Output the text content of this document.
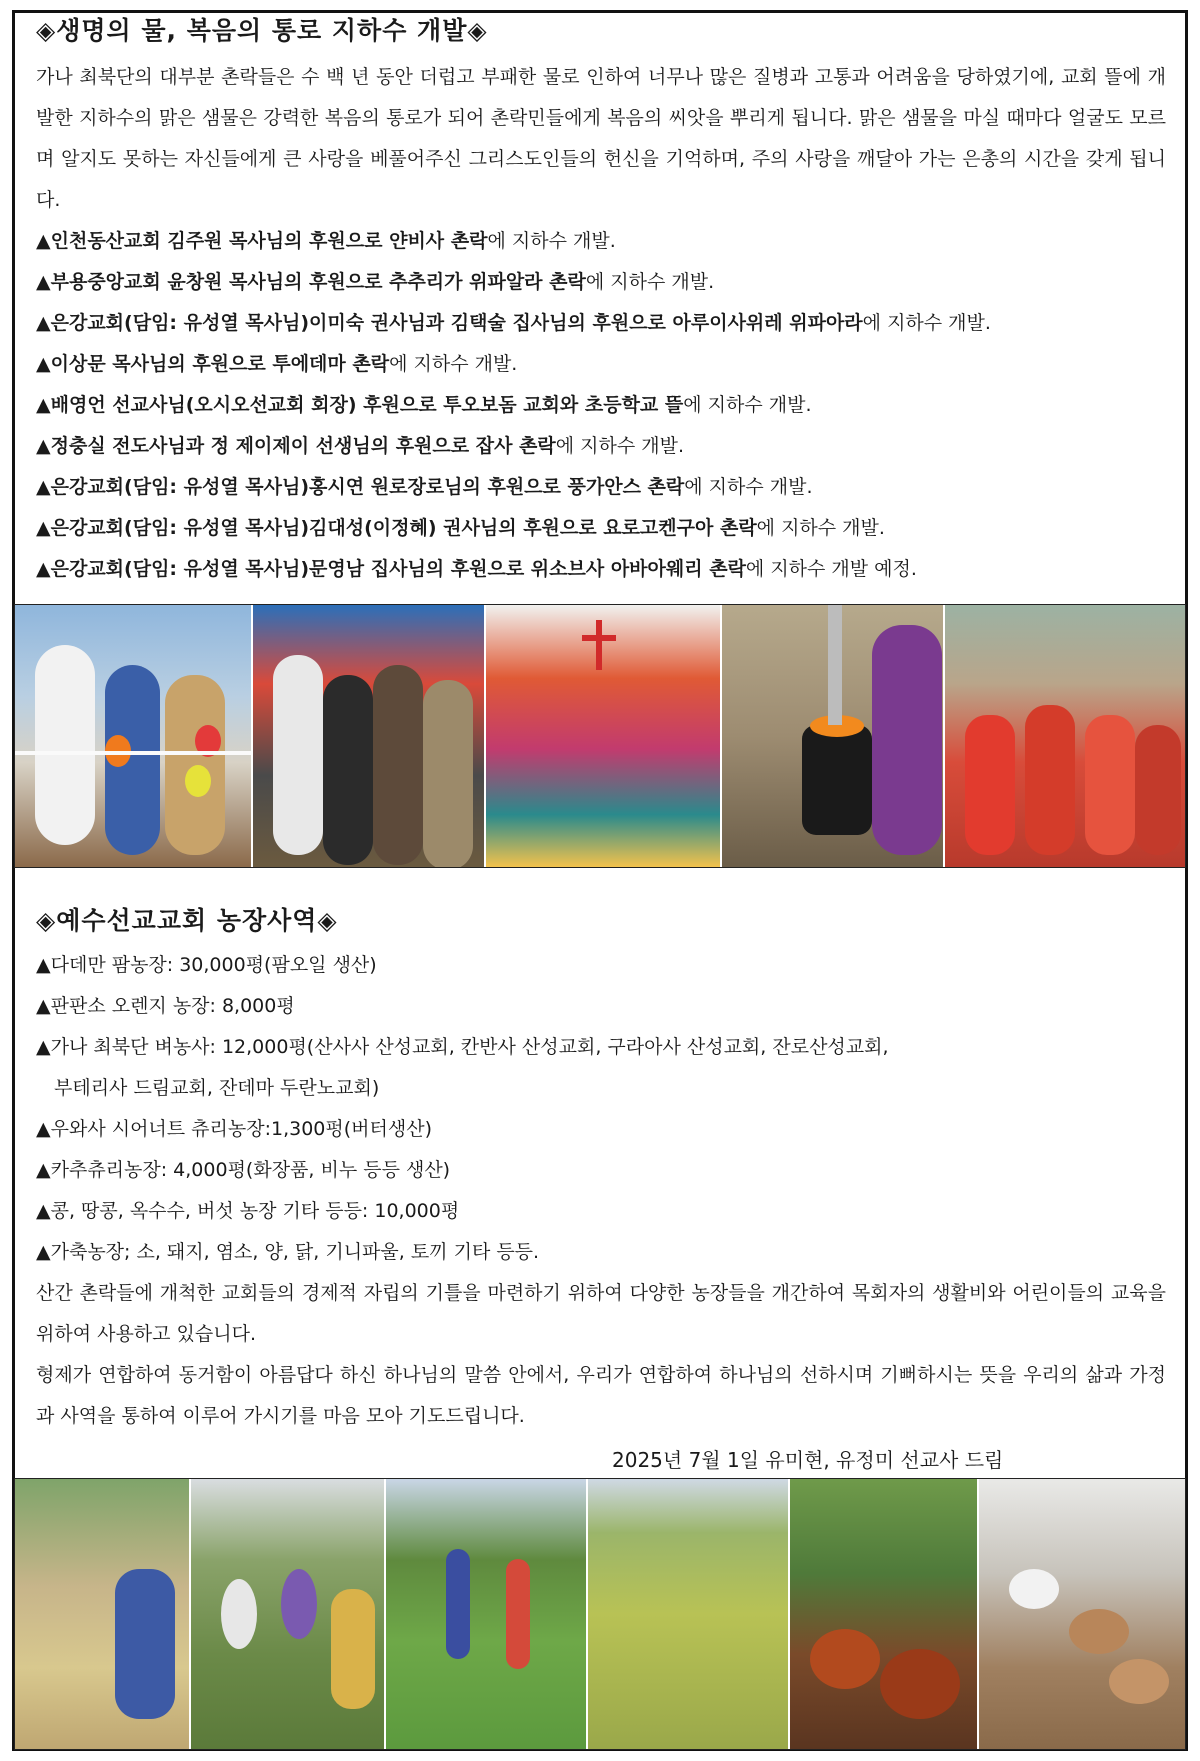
◈생명의 물, 복음의 통로 지하수 개발◈

가나 최북단의 대부분 촌락들은 수 백 년 동안 더럽고 부패한 물로 인하여 너무나 많은 질병과 고통과 어려움을 당하였기에, 교회 뜰에 개발한 지하수의 맑은 샘물은 강력한 복음의 통로가 되어 촌락민들에게 복음의 씨앗을 뿌리게 됩니다. 맑은 샘물을 마실 때마다 얼굴도 모르며 알지도 못하는 자신들에게 큰 사랑을 베풀어주신 그리스도인들의 헌신을 기억하며, 주의 사랑을 깨달아 가는 은총의 시간을 갖게 됩니다.

▲인천동산교회 김주원 목사님의 후원으로 얀비사 촌락에 지하수 개발.

▲부용중앙교회 윤창원 목사님의 후원으로 추추리가 위파알라 촌락에 지하수 개발.

▲은강교회(담임: 유성열 목사님)이미숙 권사님과 김택술 집사님의 후원으로 아루이사위레 위파아라에 지하수 개발.

▲이상문 목사님의 후원으로 투에데마 촌락에 지하수 개발.

▲배영언 선교사님(오시오선교회 회장) 후원으로 투오보돔 교회와 초등학교 뜰에 지하수 개발.

▲정충실 전도사님과 정 제이제이 선생님의 후원으로 잡사 촌락에 지하수 개발.

▲은강교회(담임: 유성열 목사님)홍시연 원로장로님의 후원으로 풍가안스 촌락에 지하수 개발.

▲은강교회(담임: 유성열 목사님)김대성(이정혜) 권사님의 후원으로 요로고켄구아 촌락에 지하수 개발.

▲은강교회(담임: 유성열 목사님)문영남 집사님의 후원으로 위소브사 아바아웨리 촌락에 지하수 개발 예정.

◈예수선교교회 농장사역◈

▲다데만 팜농장: 30,000평(팜오일 생산)

▲판판소 오렌지 농장: 8,000평

▲가나 최북단 벼농사: 12,000평(산사사 산성교회, 칸반사 산성교회, 구라아사 산성교회, 잔로산성교회,

부테리사 드림교회, 잔데마 두란노교회)

▲우와사 시어너트 츄리농장:1,300펑(버터생산)

▲카추츄리농장: 4,000평(화장품, 비누 등등 생산)

▲콩, 땅콩, 옥수수, 버섯 농장 기타 등등: 10,000평

▲가축농장; 소, 돼지, 염소, 양, 닭, 기니파울, 토끼 기타 등등.

산간 촌락들에 개척한 교회들의 경제적 자립의 기틀을 마련하기 위하여 다양한 농장들을 개간하여 목회자의 생활비와 어린이들의 교육을 위하여 사용하고 있습니다.

형제가 연합하여 동거함이 아름답다 하신 하나님의 말씀 안에서, 우리가 연합하여 하나님의 선하시며 기뻐하시는 뜻을 우리의 삶과 가정과 사역을 통하여 이루어 가시기를 마음 모아 기도드립니다.

2025년 7월 1일 유미현, 유정미 선교사 드림
